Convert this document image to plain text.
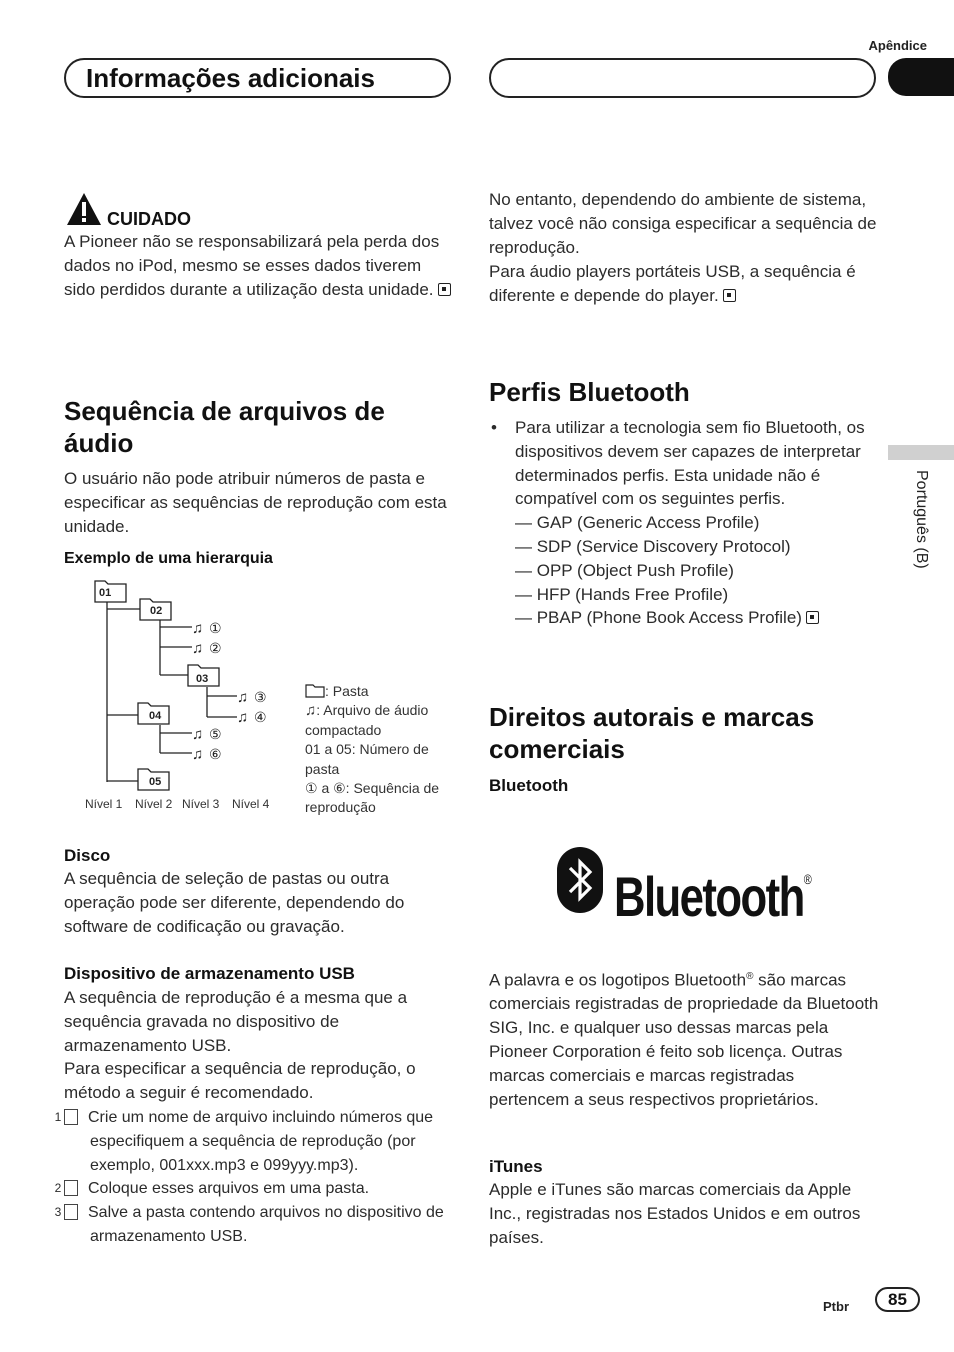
Apêndice
Informações adicionais
Português (B)
CUIDADO
A Pioneer não se responsabilizará pela perda dos dados no iPod, mesmo se esses dados tiverem sido perdidos durante a utilização desta unidade.
Sequência de arquivos de áudio
O usuário não pode atribuir números de pasta e especificar as sequências de reprodução com esta unidade.
Exemplo de uma hierarquia
01
02
03
04
05
♫ ①
♫ ②
♫ ③
♫ ④
♫ ⑤
♫ ⑥
Nível 1 Nível 2 Nível 3 Nível 4
: Pasta
♫: Arquivo de áudio compactado
01 a 05: Número de pasta
① a ⑥: Sequência de reprodução
Disco
A sequência de seleção de pastas ou outra operação pode ser diferente, dependendo do software de codificação ou gravação.
Dispositivo de armazenamento USB
A sequência de reprodução é a mesma que a sequência gravada no dispositivo de armazenamento USB.
Para especificar a sequência de reprodução, o método a seguir é recomendado.
1 Crie um nome de arquivo incluindo números que especifiquem a sequência de reprodução (por exemplo, 001xxx.mp3 e 099yyy.mp3).
2 Coloque esses arquivos em uma pasta.
3 Salve a pasta contendo arquivos no dispositivo de armazenamento USB.
No entanto, dependendo do ambiente de sistema, talvez você não consiga especificar a sequência de reprodução.
Para áudio players portáteis USB, a sequência é diferente e depende do player.
Perfis Bluetooth
• Para utilizar a tecnologia sem fio Bluetooth, os dispositivos devem ser capazes de interpretar determinados perfis. Esta unidade não é compatível com os seguintes perfis.
— GAP (Generic Access Profile)
— SDP (Service Discovery Protocol)
— OPP (Object Push Profile)
— HFP (Hands Free Profile)
— PBAP (Phone Book Access Profile)
Direitos autorais e marcas comerciais
Bluetooth
Bluetooth®
A palavra e os logotipos Bluetooth® são marcas comerciais registradas de propriedade da Bluetooth SIG, Inc. e qualquer uso dessas marcas pela Pioneer Corporation é feito sob licença. Outras marcas comerciais e marcas registradas pertencem a seus respectivos proprietários.
iTunes
Apple e iTunes são marcas comerciais da Apple Inc., registradas nos Estados Unidos e em outros países.
Ptbr	85
